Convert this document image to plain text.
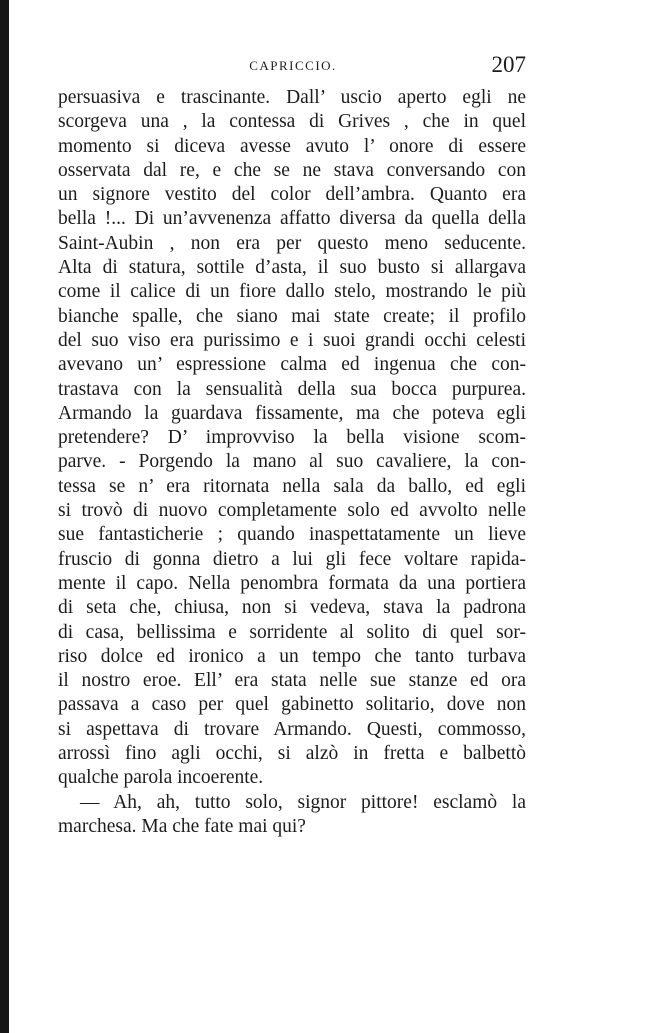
CAPRICCIO.	207
persuasiva e trascinante. Dall’ uscio aperto egli ne
scorgeva una , la contessa di Grives , che in quel
momento si diceva avesse avuto l’ onore di essere
osservata dal re, e che se ne stava conversando con
un signore vestito del color dell’ambra. Quanto era
bella !... Di un’avvenenza affatto diversa da quella della
Saint-Aubin , non era per questo meno seducente.
Alta di statura, sottile d’asta, il suo busto si allargava
come il calice di un fiore dallo stelo, mostrando le più
bianche spalle, che siano mai state create; il profilo
del suo viso era purissimo e i suoi grandi occhi celesti
avevano un’ espressione calma ed ingenua che con-
trastava con la sensualità della sua bocca purpurea.
Armando la guardava fissamente, ma che poteva egli
pretendere? D’ improvviso la bella visione scom-
parve. - Porgendo la mano al suo cavaliere, la con-
tessa se n’ era ritornata nella sala da ballo, ed egli
si trovò di nuovo completamente solo ed avvolto nelle
sue fantasticherie ; quando inaspettatamente un lieve
fruscio di gonna dietro a lui gli fece voltare rapida-
mente il capo. Nella penombra formata da una portiera
di seta che, chiusa, non si vedeva, stava la padrona
di casa, bellissima e sorridente al solito di quel sor-
riso dolce ed ironico a un tempo che tanto turbava
il nostro eroe. Ell’ era stata nelle sue stanze ed ora
passava a caso per quel gabinetto solitario, dove non
si aspettava di trovare Armando. Questi, commosso,
arrossì fino agli occhi, si alzò in fretta e balbettò
qualche parola incoerente.
— Ah, ah, tutto solo, signor pittore! esclamò la
marchesa. Ma che fate mai qui?
